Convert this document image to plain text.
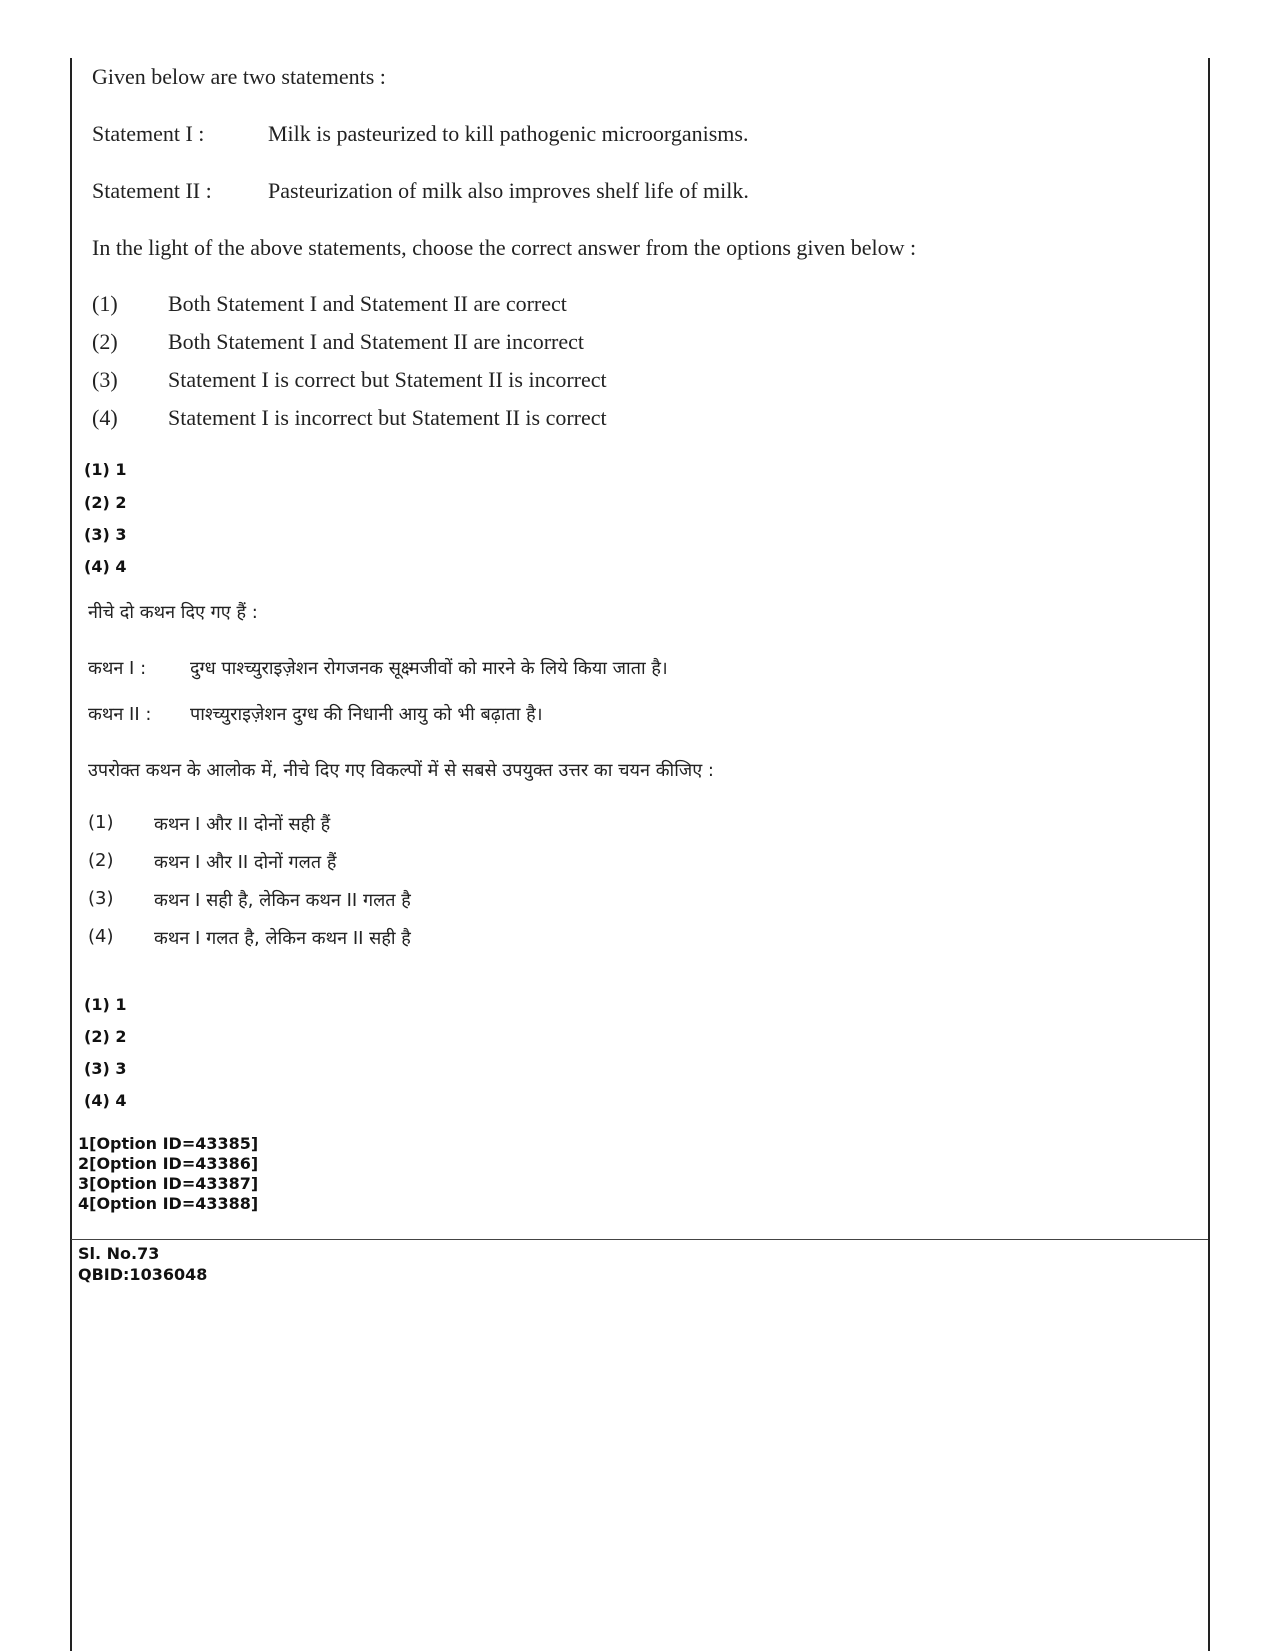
Given below are two statements :
Statement I :	Milk is pasteurized to kill pathogenic microorganisms.
Statement II :	Pasteurization of milk also improves shelf life of milk.
In the light of the above statements, choose the correct answer from the options given below :
(1) Both Statement I and Statement II are correct
(2) Both Statement I and Statement II are incorrect
(3) Statement I is correct but Statement II is incorrect
(4) Statement I is incorrect but Statement II is correct
(1) 1
(2) 2
(3) 3
(4) 4
नीचे दो कथन दिए गए हैं :
कथन I : दुग्ध पाश्च्युराइज़ेशन रोगजनक सूक्ष्मजीवों को मारने के लिये किया जाता है।
कथन II : पाश्च्युराइज़ेशन दुग्ध की निधानी आयु को भी बढ़ाता है।
उपरोक्त कथन के आलोक में, नीचे दिए गए विकल्पों में से सबसे उपयुक्त उत्तर का चयन कीजिए :
(1) कथन I और II दोनों सही हैं
(2) कथन I और II दोनों गलत हैं
(3) कथन I सही है, लेकिन कथन II गलत है
(4) कथन I गलत है, लेकिन कथन II सही है
(1) 1
(2) 2
(3) 3
(4) 4
1[Option ID=43385]
2[Option ID=43386]
3[Option ID=43387]
4[Option ID=43388]
Sl. No.73
QBID:1036048
